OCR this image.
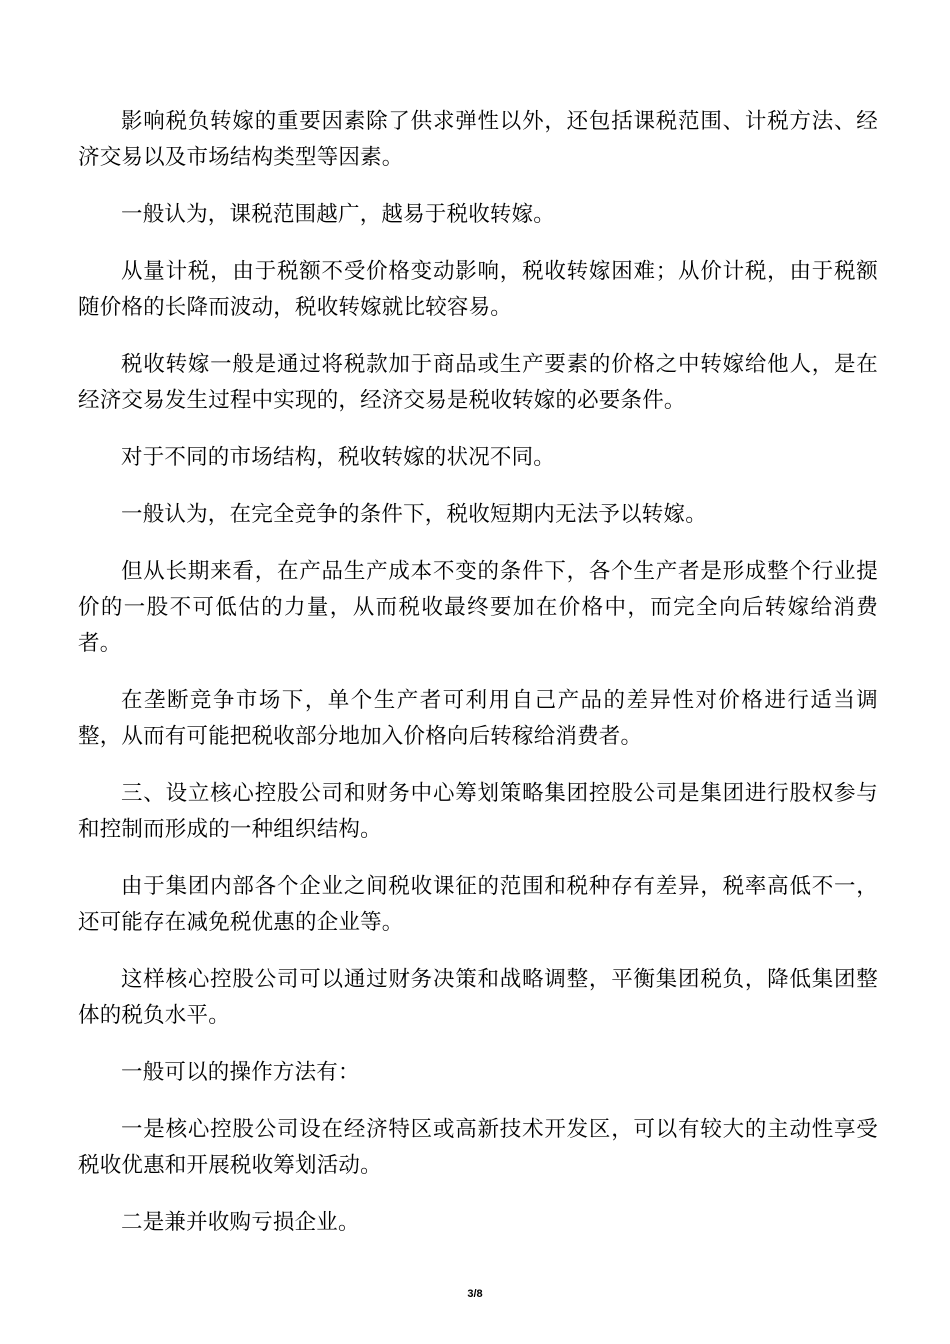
影响税负转嫁的重要因素除了供求弹性以外，还包括课税范围、计税方法、经济交易以及市场结构类型等因素。

一般认为，课税范围越广，越易于税收转嫁。

从量计税，由于税额不受价格变动影响，税收转嫁困难；从价计税，由于税额随价格的长降而波动，税收转嫁就比较容易。

税收转嫁一般是通过将税款加于商品或生产要素的价格之中转嫁给他人，是在经济交易发生过程中实现的，经济交易是税收转嫁的必要条件。

对于不同的市场结构，税收转嫁的状况不同。

一般认为，在完全竞争的条件下，税收短期内无法予以转嫁。

但从长期来看，在产品生产成本不变的条件下，各个生产者是形成整个行业提价的一股不可低估的力量，从而税收最终要加在价格中，而完全向后转嫁给消费者。

在垄断竞争市场下，单个生产者可利用自己产品的差异性对价格进行适当调整，从而有可能把税收部分地加入价格向后转稼给消费者。

三、设立核心控股公司和财务中心筹划策略集团控股公司是集团进行股权参与和控制而形成的一种组织结构。

由于集团内部各个企业之间税收课征的范围和税种存有差异，税率高低不一，还可能存在减免税优惠的企业等。

这样核心控股公司可以通过财务决策和战略调整，平衡集团税负，降低集团整体的税负水平。

一般可以的操作方法有：

一是核心控股公司设在经济特区或高新技术开发区，可以有较大的主动性享受税收优惠和开展税收筹划活动。

二是兼并收购亏损企业。

3/8
